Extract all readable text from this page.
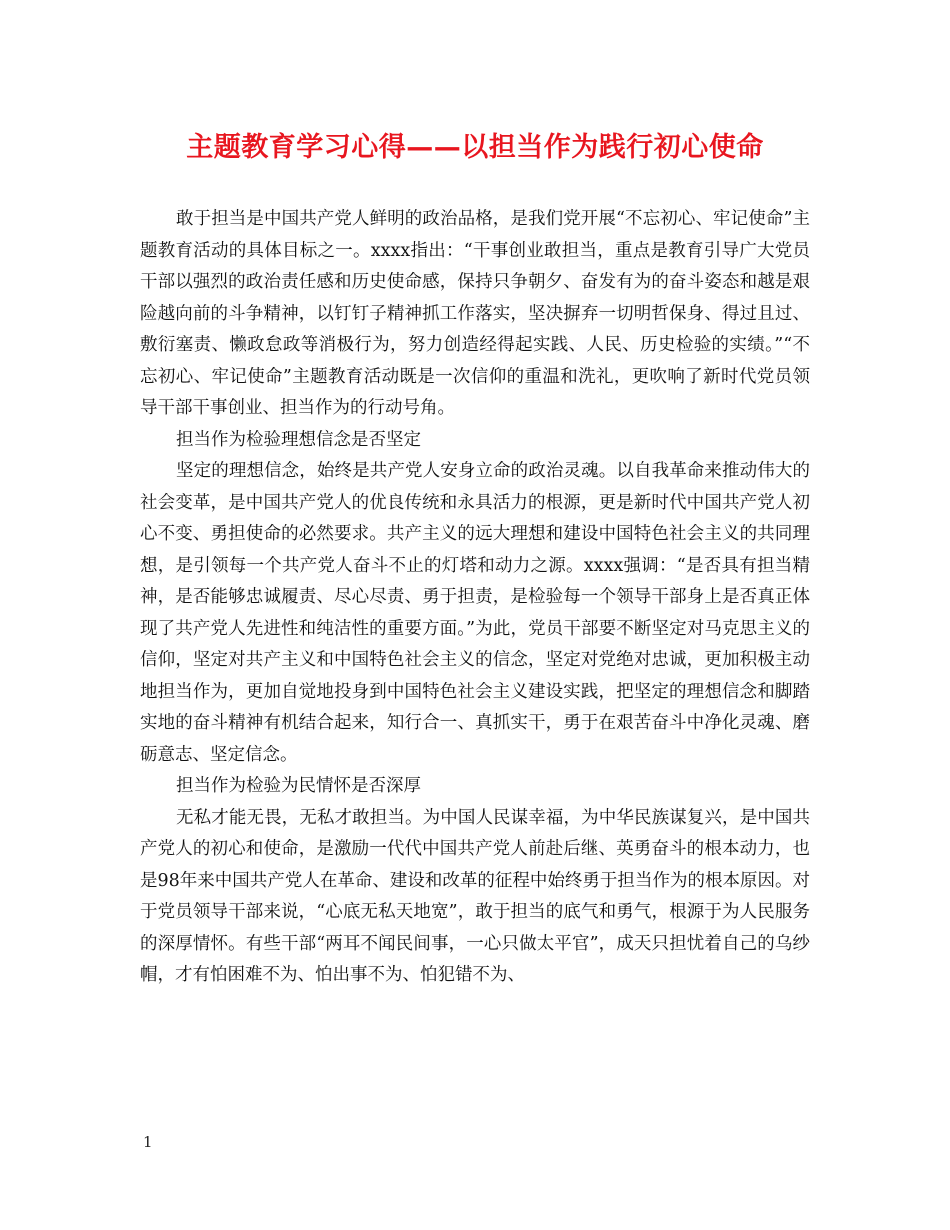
主题教育学习心得——以担当作为践行初心使命

敢于担当是中国共产党人鲜明的政治品格，是我们党开展“不忘初心、牢记使命”主题教育活动的具体目标之一。xxxx指出：“干事创业敢担当，重点是教育引导广大党员干部以强烈的政治责任感和历史使命感，保持只争朝夕、奋发有为的奋斗姿态和越是艰险越向前的斗争精神，以钉钉子精神抓工作落实，坚决摒弃一切明哲保身、得过且过、敷衍塞责、懒政怠政等消极行为，努力创造经得起实践、人民、历史检验的实绩。”“不忘初心、牢记使命”主题教育活动既是一次信仰的重温和洗礼，更吹响了新时代党员领导干部干事创业、担当作为的行动号角。

担当作为检验理想信念是否坚定

坚定的理想信念，始终是共产党人安身立命的政治灵魂。以自我革命来推动伟大的社会变革，是中国共产党人的优良传统和永具活力的根源，更是新时代中国共产党人初心不变、勇担使命的必然要求。共产主义的远大理想和建设中国特色社会主义的共同理想，是引领每一个共产党人奋斗不止的灯塔和动力之源。xxxx强调：“是否具有担当精神，是否能够忠诚履责、尽心尽责、勇于担责，是检验每一个领导干部身上是否真正体现了共产党人先进性和纯洁性的重要方面。”为此，党员干部要不断坚定对马克思主义的信仰，坚定对共产主义和中国特色社会主义的信念，坚定对党绝对忠诚，更加积极主动地担当作为，更加自觉地投身到中国特色社会主义建设实践，把坚定的理想信念和脚踏实地的奋斗精神有机结合起来，知行合一、真抓实干，勇于在艰苦奋斗中净化灵魂、磨砺意志、坚定信念。

担当作为检验为民情怀是否深厚

无私才能无畏，无私才敢担当。为中国人民谋幸福，为中华民族谋复兴，是中国共产党人的初心和使命，是激励一代代中国共产党人前赴后继、英勇奋斗的根本动力，也是98年来中国共产党人在革命、建设和改革的征程中始终勇于担当作为的根本原因。对于党员领导干部来说，“心底无私天地宽”，敢于担当的底气和勇气，根源于为人民服务的深厚情怀。有些干部“两耳不闻民间事，一心只做太平官”，成天只担忧着自己的乌纱帽，才有怕困难不为、怕出事不为、怕犯错不为、

1
